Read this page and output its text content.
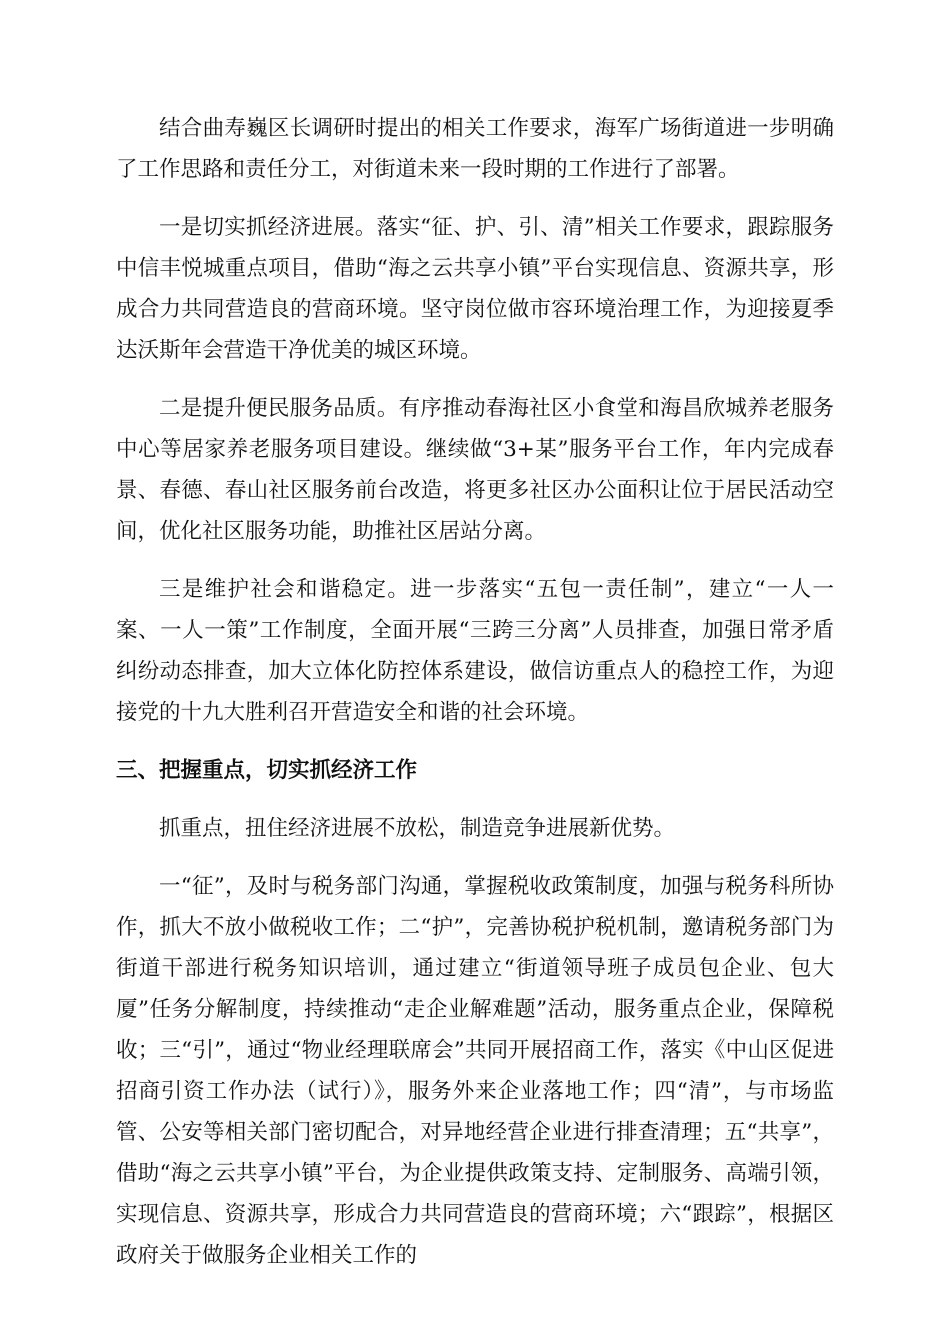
结合曲寿巍区长调研时提出的相关工作要求，海军广场街道进一步明确了工作思路和责任分工，对街道未来一段时期的工作进行了部署。

一是切实抓经济进展。落实“征、护、引、清”相关工作要求，跟踪服务中信丰悦城重点项目，借助“海之云共享小镇”平台实现信息、资源共享，形成合力共同营造良的营商环境。坚守岗位做市容环境治理工作，为迎接夏季达沃斯年会营造干净优美的城区环境。

二是提升便民服务品质。有序推动春海社区小食堂和海昌欣城养老服务中心等居家养老服务项目建设。继续做“3+某”服务平台工作，年内完成春景、春德、春山社区服务前台改造，将更多社区办公面积让位于居民活动空间，优化社区服务功能，助推社区居站分离。

三是维护社会和谐稳定。进一步落实“五包一责任制”，建立“一人一案、一人一策”工作制度，全面开展“三跨三分离”人员排查，加强日常矛盾纠纷动态排查，加大立体化防控体系建设，做信访重点人的稳控工作，为迎接党的十九大胜利召开营造安全和谐的社会环境。

三、把握重点，切实抓经济工作

抓重点，扭住经济进展不放松，制造竞争进展新优势。

一“征”，及时与税务部门沟通，掌握税收政策制度，加强与税务科所协作，抓大不放小做税收工作；二“护”，完善协税护税机制，邀请税务部门为街道干部进行税务知识培训，通过建立“街道领导班子成员包企业、包大厦”任务分解制度，持续推动“走企业解难题”活动，服务重点企业，保障税收；三“引”，通过“物业经理联席会”共同开展招商工作，落实《中山区促进招商引资工作办法（试行）》，服务外来企业落地工作；四“清”，与市场监管、公安等相关部门密切配合，对异地经营企业进行排查清理；五“共享”，借助“海之云共享小镇”平台，为企业提供政策支持、定制服务、高端引领，实现信息、资源共享，形成合力共同营造良的营商环境；六“跟踪”，根据区政府关于做服务企业相关工作的
